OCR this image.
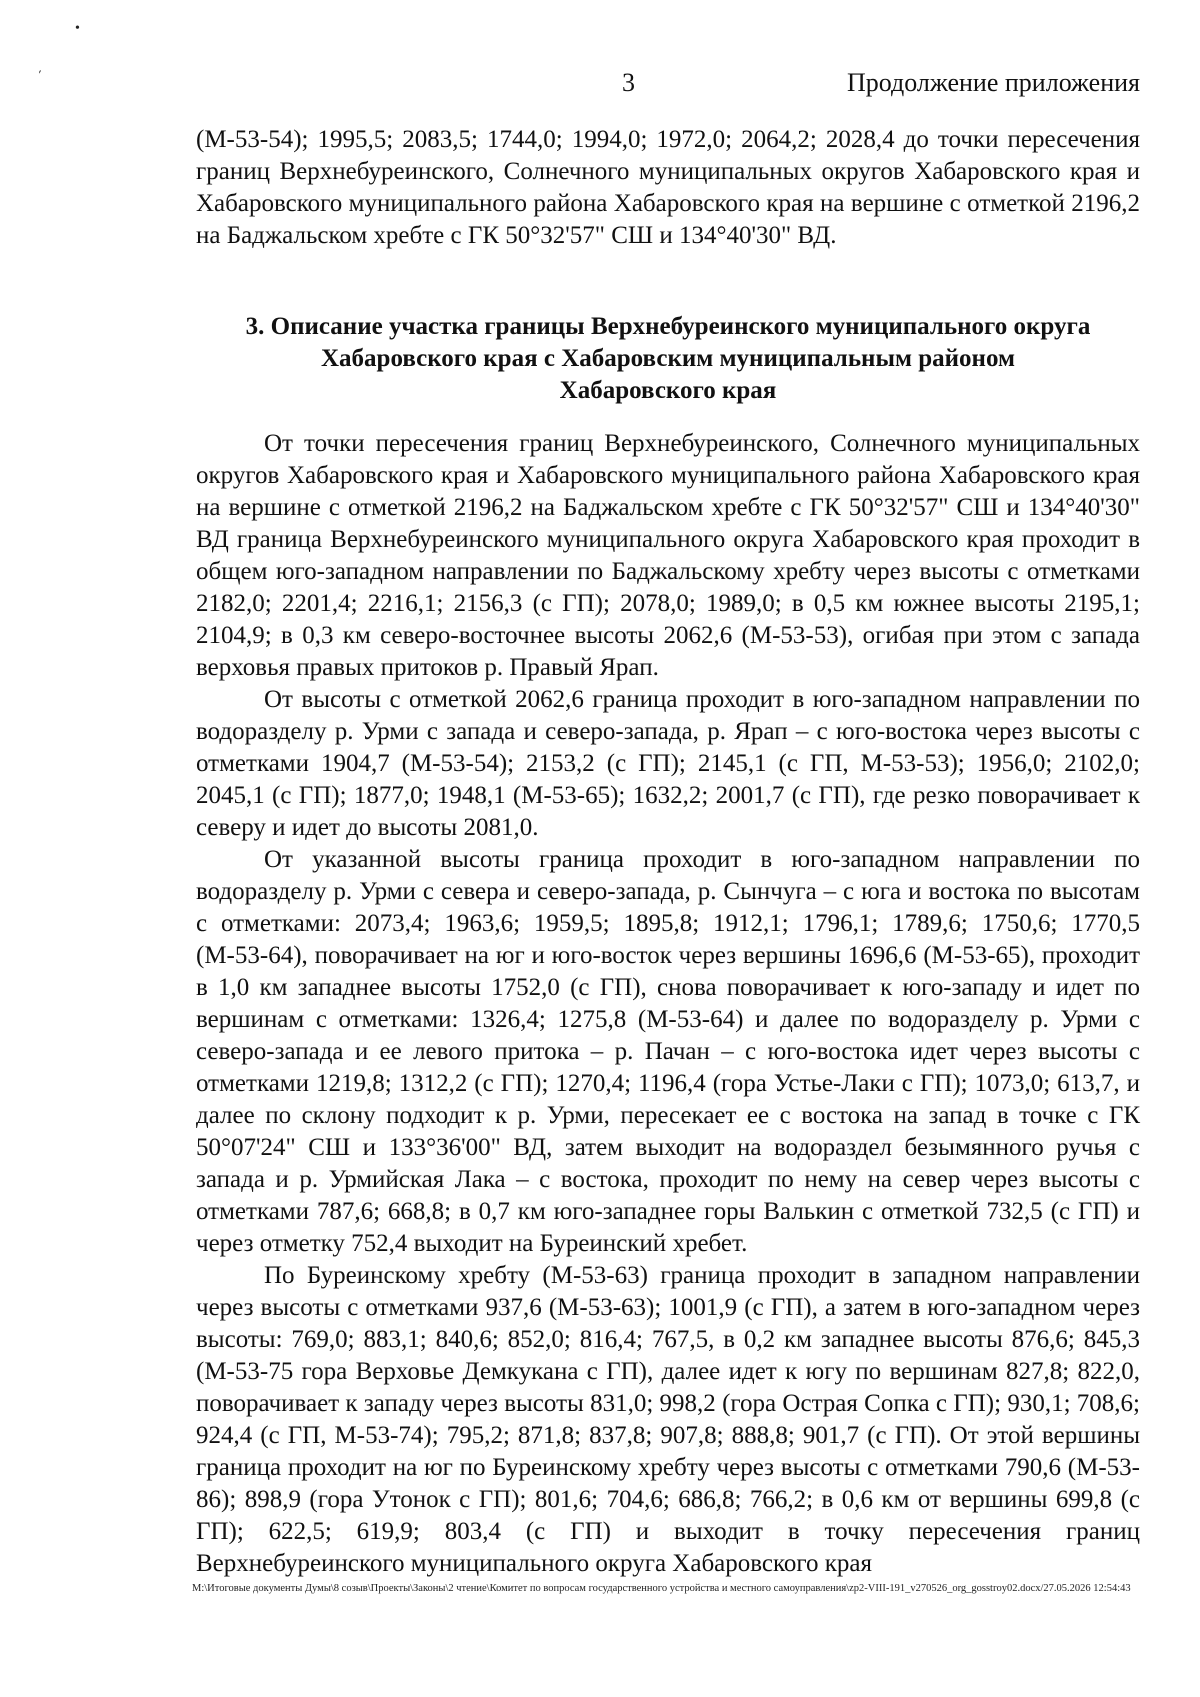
•
´	3	Продолжение приложения

(М-53-54); 1995,5; 2083,5; 1744,0; 1994,0; 1972,0; 2064,2; 2028,4 до точки пересечения границ Верхнебуреинского, Солнечного муниципальных округов Хабаровского края и Хабаровского муниципального района Хабаровского края на вершине с отметкой 2196,2 на Баджальском хребте с ГК 50°32'57" СШ и 134°40'30" ВД.

3. Описание участка границы Верхнебуреинского муниципального округа
Хабаровского края с Хабаровским муниципальным районом
Хабаровского края

От точки пересечения границ Верхнебуреинского, Солнечного муниципальных округов Хабаровского края и Хабаровского муниципального района Хабаровского края на вершине с отметкой 2196,2 на Баджальском хребте с ГК 50°32'57" СШ и 134°40'30" ВД граница Верхнебуреинского муниципального округа Хабаровского края проходит в общем юго-западном направлении по Баджальскому хребту через высоты с отметками 2182,0; 2201,4; 2216,1; 2156,3 (с ГП); 2078,0; 1989,0; в 0,5 км южнее высоты 2195,1; 2104,9; в 0,3 км северо-восточнее высоты 2062,6 (М-53-53), огибая при этом с запада верховья правых притоков р. Правый Ярап.

От высоты с отметкой 2062,6 граница проходит в юго-западном направлении по водоразделу р. Урми с запада и северо-запада, р. Ярап – с юго-востока через высоты с отметками 1904,7 (М-53-54); 2153,2 (с ГП); 2145,1 (с ГП, М-53-53); 1956,0; 2102,0; 2045,1 (с ГП); 1877,0; 1948,1 (М-53-65); 1632,2; 2001,7 (с ГП), где резко поворачивает к северу и идет до высоты 2081,0.

От указанной высоты граница проходит в юго-западном направлении по водоразделу р. Урми с севера и северо-запада, р. Сынчуга – с юга и востока по высотам с отметками: 2073,4; 1963,6; 1959,5; 1895,8; 1912,1; 1796,1; 1789,6; 1750,6; 1770,5 (М-53-64), поворачивает на юг и юго-восток через вершины 1696,6 (М-53-65), проходит в 1,0 км западнее высоты 1752,0 (с ГП), снова поворачивает к юго-западу и идет по вершинам с отметками: 1326,4; 1275,8 (М-53-64) и далее по водоразделу р. Урми с северо-запада и ее левого притока – р. Пачан – с юго-востока идет через высоты с отметками 1219,8; 1312,2 (с ГП); 1270,4; 1196,4 (гора Устье-Лаки с ГП); 1073,0; 613,7, и далее по склону подходит к р. Урми, пересекает ее с востока на запад в точке с ГК 50°07'24" СШ и 133°36'00" ВД, затем выходит на водораздел безымянного ручья с запада и р. Урмийская Лака – с востока, проходит по нему на север через высоты с отметками 787,6; 668,8; в 0,7 км юго-западнее горы Валькин с отметкой 732,5 (с ГП) и через отметку 752,4 выходит на Буреинский хребет.

По Буреинскому хребту (М-53-63) граница проходит в западном направлении через высоты с отметками 937,6 (М-53-63); 1001,9 (с ГП), а затем в юго-западном через высоты: 769,0; 883,1; 840,6; 852,0; 816,4; 767,5, в 0,2 км западнее высоты 876,6; 845,3 (М-53-75 гора Верховье Демкукана с ГП), далее идет к югу по вершинам 827,8; 822,0, поворачивает к западу через высоты 831,0; 998,2 (гора Острая Сопка с ГП); 930,1; 708,6; 924,4 (с ГП, М-53-74); 795,2; 871,8; 837,8; 907,8; 888,8; 901,7 (с ГП). От этой вершины граница проходит на юг по Буреинскому хребту через высоты с отметками 790,6 (М-53-86); 898,9 (гора Утонок с ГП); 801,6; 704,6; 686,8; 766,2; в 0,6 км от вершины 699,8 (с ГП); 622,5; 619,9; 803,4 (с ГП) и выходит в точку пересечения границ Верхнебуреинского муниципального округа Хабаровского края

M:\Итоговые документы Думы\8 созыв\Проекты\Законы\2 чтение\Комитет по вопросам государственного устройства и местного самоуправления\zp2-VIII-191_v270526_org_gosstroy02.docx/27.05.2026 12:54:43
